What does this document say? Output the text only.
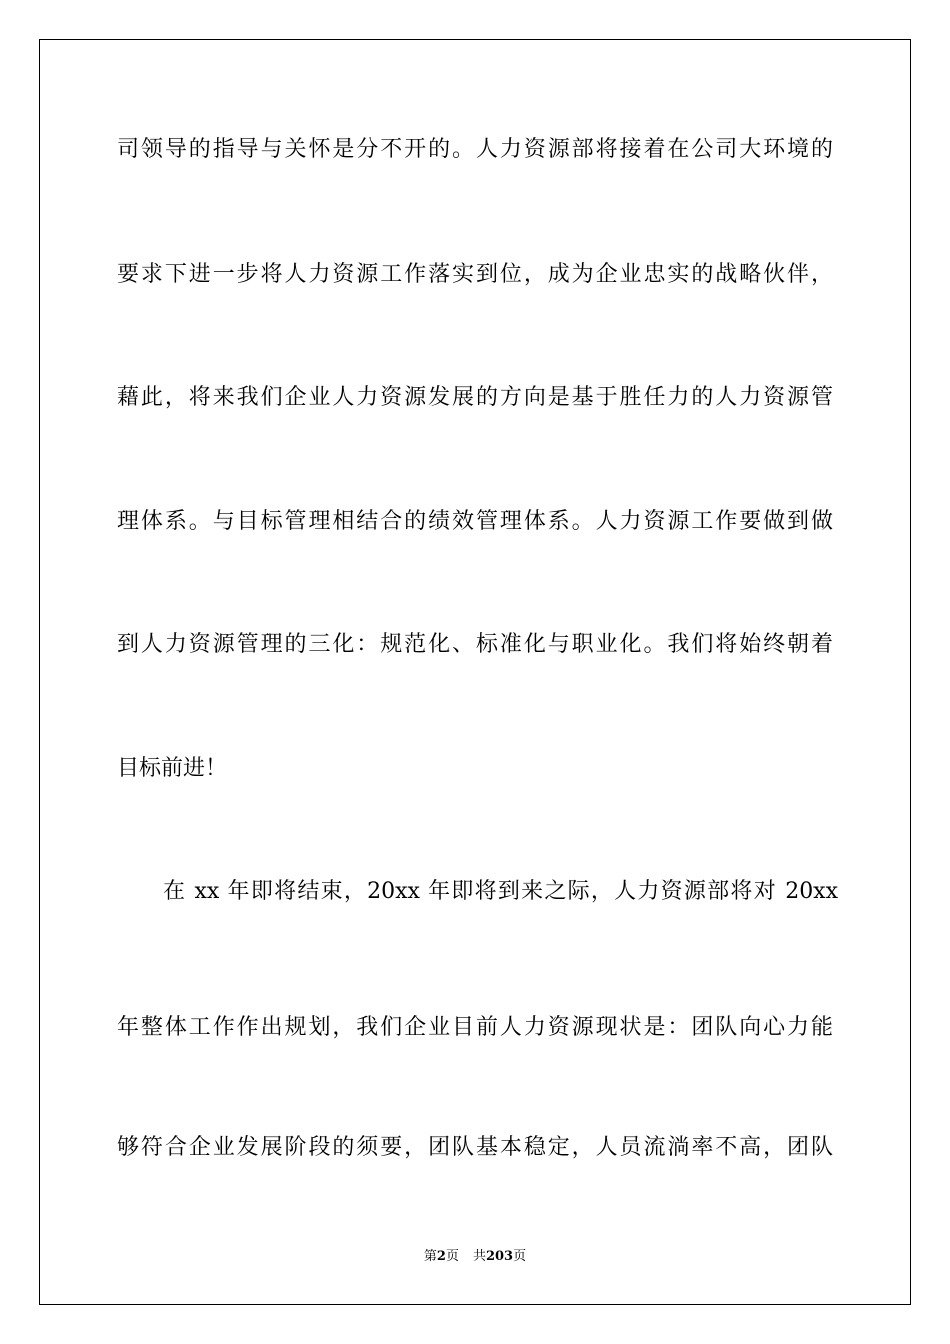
司领导的指导与关怀是分不开的。人力资源部将接着在公司大环境的
要求下进一步将人力资源工作落实到位，成为企业忠实的战略伙伴，
藉此，将来我们企业人力资源发展的方向是基于胜任力的人力资源管
理体系。与目标管理相结合的绩效管理体系。人力资源工作要做到做
到人力资源管理的三化：规范化、标准化与职业化。我们将始终朝着
目标前进！
在 xx 年即将结束，20xx 年即将到来之际，人力资源部将对 20xx
年整体工作作出规划，我们企业目前人力资源现状是：团队向心力能
够符合企业发展阶段的须要，团队基本稳定，人员流淌率不高，团队
第2页 共203页
